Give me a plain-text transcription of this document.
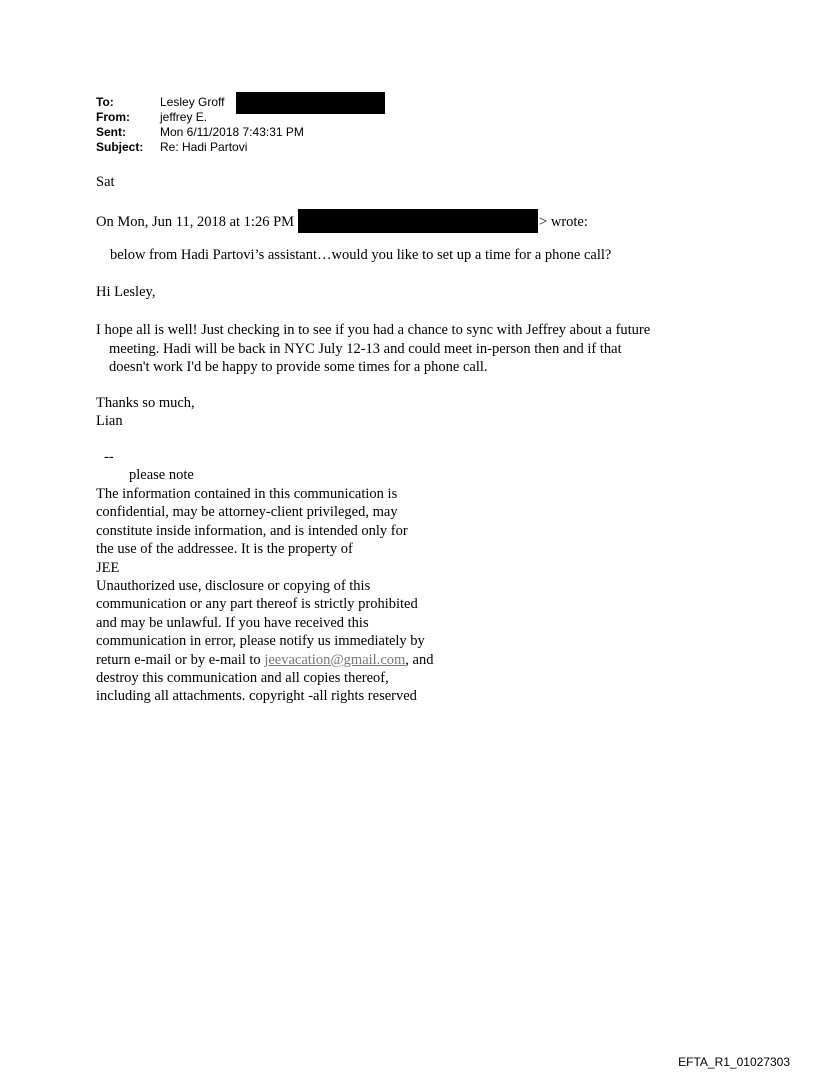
To:	Lesley Groff
From:	jeffrey E.
Sent:	Mon 6/11/2018 7:43:31 PM
Subject: Re: Hadi Partovi
Sat
On Mon, Jun 11, 2018 at 1:26 PM	> wrote:
below from Hadi Partovi’s assistant…would you like to set up a time for a phone call?
Hi Lesley,
I hope all is well! Just checking in to see if you had a chance to sync with Jeffrey about a future
meeting. Hadi will be back in NYC July 12-13 and could meet in-person then and if that
doesn't work I'd be happy to provide some times for a phone call.
Thanks so much,
Lian
--
please note
The information contained in this communication is
confidential, may be attorney-client privileged, may
constitute inside information, and is intended only for
the use of the addressee. It is the property of
JEE
Unauthorized use, disclosure or copying of this
communication or any part thereof is strictly prohibited
and may be unlawful. If you have received this
communication in error, please notify us immediately by
return e-mail or by e-mail to jeevacation@gmail.com, and
destroy this communication and all copies thereof,
including all attachments. copyright -all rights reserved
EFTA_R1_01027303
